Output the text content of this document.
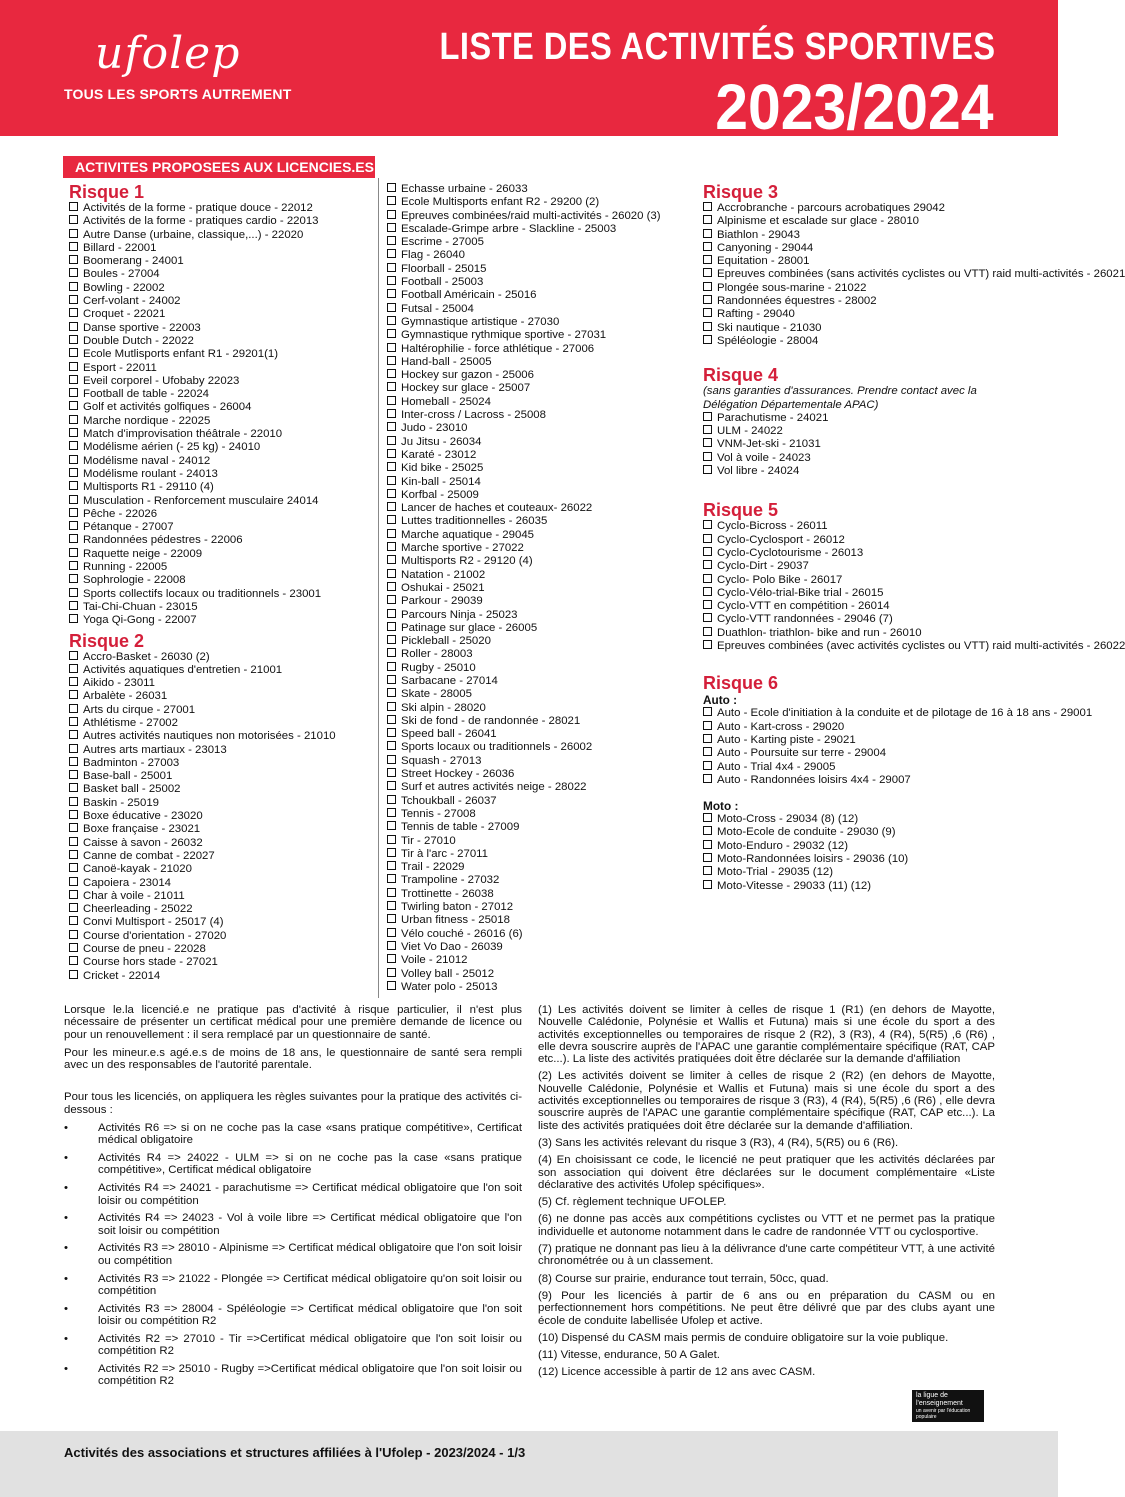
ufolep
TOUS LES SPORTS AUTREMENT
LISTE DES ACTIVITÉS SPORTIVES
2023/2024
ACTIVITES PROPOSEES AUX LICENCIES.ES
Risque 1
Activités de la forme - pratique douce - 22012
Activités de la forme - pratiques cardio - 22013
Autre Danse (urbaine, classique,...) - 22020
Billard - 22001
Boomerang - 24001
Boules - 27004
Bowling - 22002
Cerf-volant - 24002
Croquet - 22021
Danse sportive - 22003
Double Dutch - 22022
Ecole Mutlisports enfant R1 - 29201(1)
Esport - 22011
Eveil corporel - Ufobaby 22023
Football de table - 22024
Golf et activités golfiques - 26004
Marche nordique - 22025
Match d'improvisation théâtrale - 22010
Modélisme aérien (- 25 kg) - 24010
Modélisme naval - 24012
Modélisme roulant - 24013
Multisports R1 - 29110 (4)
Musculation - Renforcement musculaire 24014
Pêche - 22026
Pétanque - 27007
Randonnées pédestres - 22006
Raquette neige - 22009
Running - 22005
Sophrologie - 22008
Sports collectifs locaux ou traditionnels - 23001
Tai-Chi-Chuan - 23015
Yoga Qi-Gong - 22007
Risque 2
Accro-Basket - 26030 (2)
Activités aquatiques d'entretien - 21001
Aikido - 23011
Arbalète - 26031
Arts du cirque - 27001
Athlétisme - 27002
Autres activités nautiques non motorisées - 21010
Autres arts martiaux - 23013
Badminton - 27003
Base-ball - 25001
Basket ball - 25002
Baskin - 25019
Boxe éducative - 23020
Boxe française - 23021
Caisse à savon - 26032
Canne de combat - 22027
Canoë-kayak - 21020
Capoiera - 23014
Char à voile - 21011
Cheerleading - 25022
Convi Multisport - 25017 (4)
Course d'orientation - 27020
Course de pneu - 22028
Course hors stade - 27021
Cricket - 22014
Echasse urbaine - 26033
Ecole Multisports enfant R2 - 29200 (2)
Epreuves combinées/raid multi-activités - 26020 (3)
Escalade-Grimpe arbre - Slackline - 25003
Escrime - 27005
Flag - 26040
Floorball - 25015
Football - 25003
Football Américain - 25016
Futsal - 25004
Gymnastique artistique - 27030
Gymnastique rythmique sportive - 27031
Haltérophilie - force athlétique - 27006
Hand-ball - 25005
Hockey sur gazon - 25006
Hockey sur glace - 25007
Homeball - 25024
Inter-cross / Lacross - 25008
Judo - 23010
Ju Jitsu - 26034
Karaté - 23012
Kid bike - 25025
Kin-ball - 25014
Korfbal - 25009
Lancer de haches et couteaux- 26022
Luttes traditionnelles - 26035
Marche aquatique - 29045
Marche sportive - 27022
Multisports R2 - 29120 (4)
Natation - 21002
Oshukai - 25021
Parkour - 29039
Parcours Ninja - 25023
Patinage sur glace - 26005
Pickleball - 25020
Roller - 28003
Rugby - 25010
Sarbacane - 27014
Skate - 28005
Ski alpin - 28020
Ski de fond - de randonnée - 28021
Speed ball - 26041
Sports locaux ou traditionnels - 26002
Squash - 27013
Street Hockey - 26036
Surf et autres activités neige - 28022
Tchoukball - 26037
Tennis - 27008
Tennis de table - 27009
Tir - 27010
Tir à l'arc - 27011
Trail - 22029
Trampoline - 27032
Trottinette - 26038
Twirling baton - 27012
Urban fitness - 25018
Vélo couché - 26016 (6)
Viet Vo Dao - 26039
Voile - 21012
Volley ball - 25012
Water polo - 25013
Risque 3
Accrobranche - parcours acrobatiques 29042
Alpinisme et escalade sur glace - 28010
Biathlon - 29043
Canyoning - 29044
Equitation - 28001
Epreuves combinées (sans activités cyclistes ou VTT) raid multi-activités - 26021
Plongée sous-marine - 21022
Randonnées équestres - 28002
Rafting - 29040
Ski nautique - 21030
Spéléologie - 28004
Risque 4
(sans garanties d'assurances. Prendre contact avec la Délégation Départementale APAC)
Parachutisme - 24021
ULM - 24022
VNM-Jet-ski - 21031
Vol à voile - 24023
Vol libre - 24024
Risque 5
Cyclo-Bicross - 26011
Cyclo-Cyclosport - 26012
Cyclo-Cyclotourisme - 26013
Cyclo-Dirt - 29037
Cyclo- Polo Bike - 26017
Cyclo-Vélo-trial-Bike trial - 26015
Cyclo-VTT en compétition - 26014
Cyclo-VTT randonnées - 29046 (7)
Duathlon- triathlon- bike and run - 26010
Epreuves combinées (avec activités cyclistes ou VTT) raid multi-activités - 26022
Risque 6
Auto :
Auto - Ecole d'initiation à la conduite et de pilotage de 16 à 18 ans - 29001
Auto - Kart-cross - 29020
Auto - Karting piste - 29021
Auto - Poursuite sur terre - 29004
Auto - Trial 4x4 - 29005
Auto - Randonnées loisirs 4x4 - 29007
Moto :
Moto-Cross - 29034 (8) (12)
Moto-Ecole de conduite - 29030 (9)
Moto-Enduro - 29032 (12)
Moto-Randonnées loisirs - 29036 (10)
Moto-Trial - 29035 (12)
Moto-Vitesse - 29033 (11) (12)

Lorsque le.la licencié.e ne pratique pas d'activité à risque particulier, il n'est plus nécessaire de présenter un certificat médical pour une première demande de licence ou pour un renouvellement : il sera remplacé par un questionnaire de santé.

Pour les mineur.e.s agé.e.s de moins de 18 ans, le questionnaire de santé sera rempli avec un des responsables de l'autorité parentale.

Pour tous les licenciés, on appliquera les règles suivantes pour la pratique des activités ci-dessous :

•	Activités R6 => si on ne coche pas la case «sans pratique compétitive», Certificat médical obligatoire
•	Activités R4 => 24022 - ULM => si on ne coche pas la case «sans pratique compétitive», Certificat médical obligatoire
•	Activités R4 => 24021 - parachutisme => Certificat médical obligatoire que l'on soit loisir ou compétition
•	Activités R4 => 24023 - Vol à voile libre => Certificat médical obligatoire que l'on soit loisir ou compétition
•	Activités R3 => 28010 - Alpinisme => Certificat médical obligatoire que l'on soit loisir ou compétition
•	Activités R3 => 21022 - Plongée => Certificat médical obligatoire qu'on soit loisir ou compétition
•	Activités R3 => 28004 - Spéléologie => Certificat médical obligatoire que l'on soit loisir ou compétition R2
•	Activités R2 => 27010 - Tir =>Certificat médical obligatoire que l'on soit loisir ou compétition R2
•	Activités R2 => 25010 - Rugby =>Certificat médical obligatoire que l'on soit loisir ou compétition R2
(1) Les activités doivent se limiter à celles de risque 1 (R1) (en dehors de Mayotte, Nouvelle Calédonie, Polynésie et Wallis et Futuna) mais si une école du sport a des activités exceptionnelles ou temporaires de risque 2 (R2), 3 (R3), 4 (R4), 5(R5) ,6 (R6) , elle devra souscrire auprès de l'APAC une garantie complémentaire spécifique (RAT, CAP etc...). La liste des activités pratiquées doit être déclarée sur la demande d'affiliation
(2) Les activités doivent se limiter à celles de risque 2 (R2) (en dehors de Mayotte, Nouvelle Calédonie, Polynésie et Wallis et Futuna) mais si une école du sport a des activités exceptionnelles ou temporaires de risque 3 (R3), 4 (R4), 5(R5) ,6 (R6) , elle devra souscrire auprès de l'APAC une garantie complémentaire spécifique (RAT, CAP etc...). La liste des activités pratiquées doit être déclarée sur la demande d'affiliation.
(3) Sans les activités relevant du risque 3 (R3), 4 (R4), 5(R5) ou 6 (R6).
(4) En choisissant ce code, le licencié ne peut pratiquer que les activités déclarées par son association qui doivent être déclarées sur le document complémentaire «Liste déclarative des activités Ufolep spécifiques».
(5) Cf. règlement technique UFOLEP.
(6) ne donne pas accès aux compétitions cyclistes ou VTT et ne permet pas la pratique individuelle et autonome notamment dans le cadre de randonnée VTT ou cyclosportive.
(7) pratique ne donnant pas lieu à la délivrance d'une carte compétiteur VTT, à une activité chronométrée ou à un classement.
(8) Course sur prairie, endurance tout terrain, 50cc, quad.
(9) Pour les licenciés à partir de 6 ans ou en préparation du CASM ou en perfectionnement hors compétitions. Ne peut être délivré que par des clubs ayant une école de conduite labellisée Ufolep et active.
(10) Dispensé du CASM mais permis de conduire obligatoire sur la voie publique.
(11) Vitesse, endurance, 50 A Galet.
(12) Licence accessible à partir de 12 ans avec CASM.
la ligue de
l'enseignement
un avenir par l'éducation populaire
Activités des associations et structures affiliées à l'Ufolep - 2023/2024 - 1/3
